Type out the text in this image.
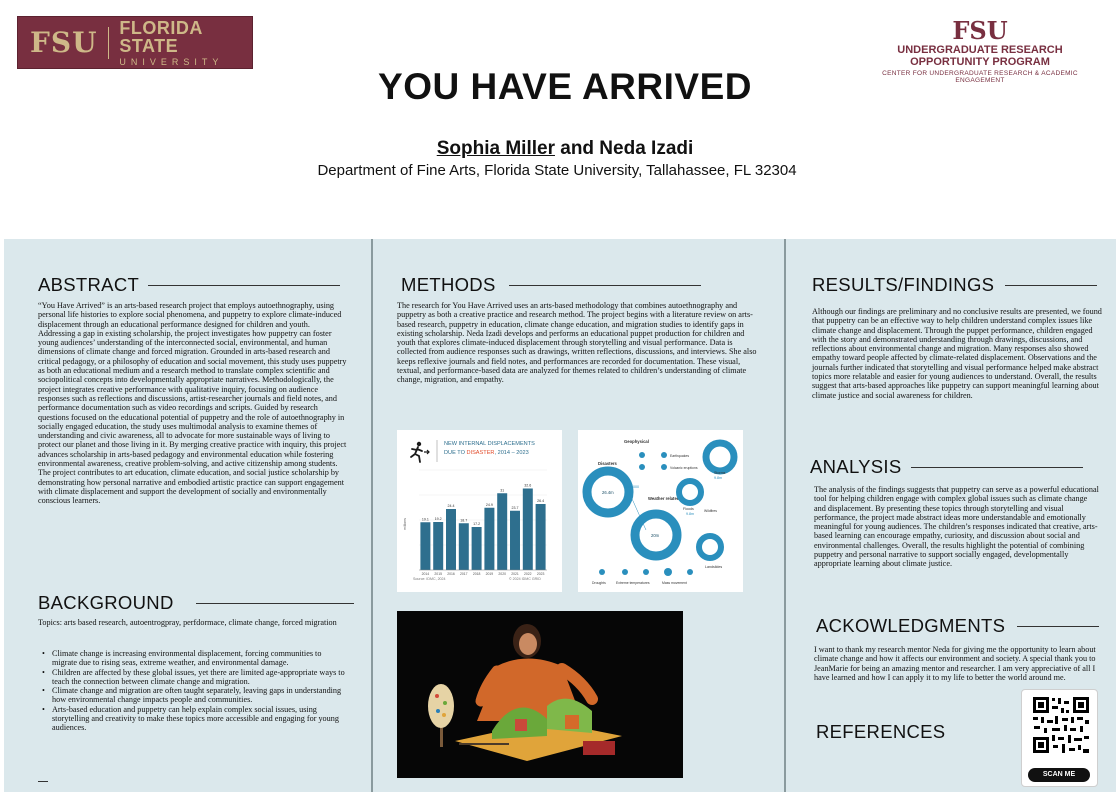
FSU FLORIDA STATE
UNIVERSITY
FSU
UNDERGRADUATE RESEARCH
OPPORTUNITY PROGRAM
CENTER FOR UNDERGRADUATE RESEARCH & ACADEMIC ENGAGEMENT
YOU HAVE ARRIVED
Sophia Miller and Neda Izadi
Department of Fine Arts, Florida State University, Tallahassee, FL 32304
ABSTRACT

“You Have Arrived” is an arts-based research project that employs autoethnography, using personal life histories to explore social phenomena, and puppetry to explore climate-induced displacement through an educational performance designed for children and youth. Addressing a gap in existing scholarship, the project investigates how puppetry can foster young audiences’ understanding of the interconnected social, environmental, and human dimensions of climate change and forced migration. Grounded in arts-based research and critical pedagogy, or a philosophy of education and social movement, this study uses puppetry as both an educational medium and a research method to translate complex scientific and sociopolitical concepts into developmentally appropriate narratives. Methodologically, the project integrates creative performance with qualitative inquiry, focusing on audience responses such as reflections and discussions, artist-researcher journals and field notes, and performance documentation such as video recordings and scripts. Guided by research questions focused on the educational potential of puppetry and the role of autoethnography in socially engaged education, the study uses multimodal analysis to examine themes of understanding and civic awareness, all to advocate for more sustainable ways of living to protect our planet and those living in it. By merging creative practice with inquiry, this project advances scholarship in arts-based pedagogy and environmental education while fostering environmental awareness, creative problem-solving, and active citizenship among students. The project contributes to art education, climate education, and social justice scholarship by demonstrating how personal narrative and embodied artistic practice can support engagement with climate displacement and support the development of socially and environmentally conscious learners.

BACKGROUND
Topics: arts based research, autoentrogpray, perfdormace, climate change, forced migration
• Climate change is increasing environmental displacement, forcing communities to migrate due to rising seas, extreme weather, and environmental damage.
• Children are affected by these global issues, yet there are limited age-appropriate ways to teach the connection between climate change and migration.
• Climate change and migration are often taught separately, leaving gaps in understanding how environmental change impacts people and communities.
• Arts-based education and puppetry can help explain complex social issues, using storytelling and creativity to make these topics more accessible and engaging for young audiences.
METHODS

The research for You Have Arrived uses an arts-based methodology that combines autoethnography and puppetry as both a creative practice and research method. The project begins with a literature review on arts-based research, puppetry in education, climate change education, and migration studies to identify gaps in existing scholarship. Neda Izadi develops and performs an educational puppet production for children and youth that explores climate-induced displacement through storytelling and visual performance. Data is collected from audience responses such as drawings, written reflections, discussions, and interviews. She also keeps reflexive journals and field notes, and performances are recorded for documentation. These visual, textual, and performance-based data are analyzed for themes related to children’s understanding of climate change, migration, and empathy.

NEW INTERNAL DISPLACEMENTS
DUE TO DISASTER, 2014 – 2023
millions	19.1
2014
19.2
2015
24.4
2016
18.7
2017
17.2
2018
24.9
2019
31
2020
23.7
2021
32.6
2022
26.4
2023
Source: IDMC, 2024	© 2024 IDMC GRID
Geophysical
Disasters
Weather related
26.4m
20m
Storms
9.8m
Floods
9.8m
Landslides
655,000
Earthquakes
Volcanic eruptions
Wildfires
Droughts	Extreme temperatures	Mass movement
RESULTS/FINDINGS

Although our findings are preliminary and no conclusive results are presented, we found that puppetry can be an effective way to help children understand complex issues like climate change and displacement. Through the puppet performance, children engaged with the story and demonstrated understanding through drawings, discussions, and reflections about environmental change and migration. Many responses also showed empathy toward people affected by climate-related displacement. Observations and the journals further indicated that storytelling and visual performance helped make abstract topics more relatable and easier for young audiences to understand. Overall, the results suggest that arts-based approaches like puppetry can support meaningful learning about climate justice and social awareness for children.

ANALYSIS

The analysis of the findings suggests that puppetry can serve as a powerful educational tool for helping children engage with complex global issues such as climate change and displacement. By presenting these topics through storytelling and visual performance, the project made abstract ideas more understandable and emotionally meaningful for young audiences. The children’s responses indicated that creative, arts-based learning can encourage empathy, curiosity, and discussion about social and environmental challenges. Overall, the results highlight the potential of combining puppetry and personal narrative to support socially engaged, developmentally appropriate learning about climate justice.

ACKOWLEDGMENTS

I want to thank my research mentor Neda for giving me the opportunity to learn about climate change and how it affects our environment and society. A special thank you to JeanMarie for being an amazing mentor and researcher. I am very appreciative of all I have learned and how I can apply it to my life to better the world around me.

REFERENCES
SCAN ME
